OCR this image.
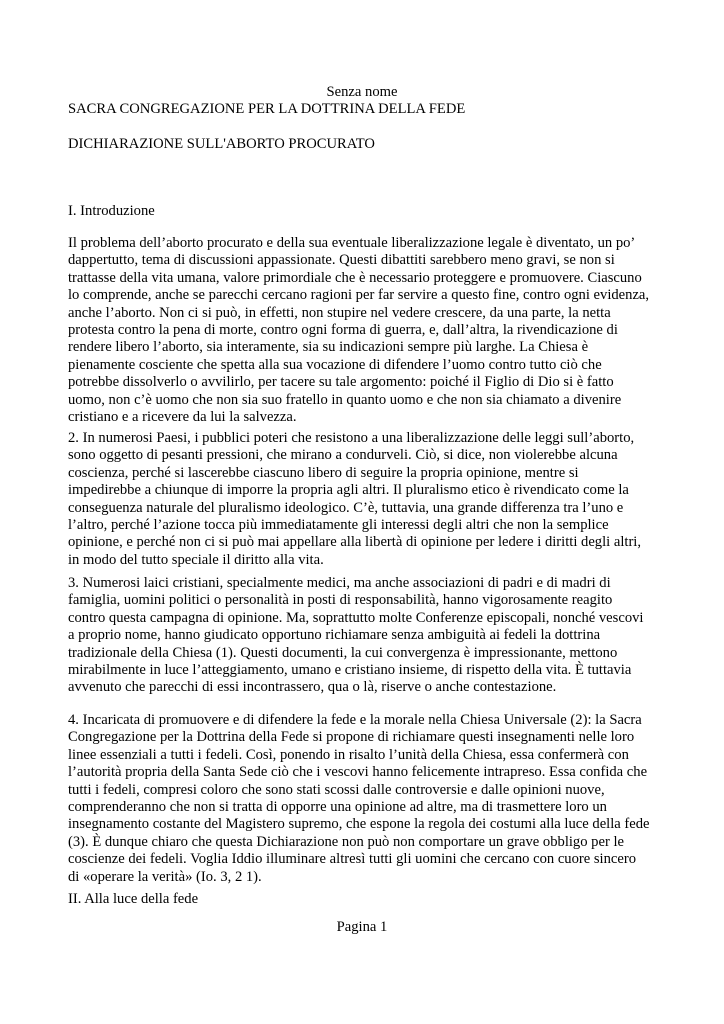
Senza nome

SACRA CONGREGAZIONE PER LA DOTTRINA DELLA FEDE

DICHIARAZIONE SULL'ABORTO PROCURATO

I. Introduzione

Il problema dell’aborto procurato e della sua eventuale liberalizzazione legale è diventato, un po’
dappertutto, tema di discussioni appassionate. Questi dibattiti sarebbero meno gravi, se non si
trattasse della vita umana, valore primordiale che è necessario proteggere e promuovere. Ciascuno
lo comprende, anche se parecchi cercano ragioni per far servire a questo fine, contro ogni evidenza,
anche l’aborto. Non ci si può, in effetti, non stupire nel vedere crescere, da una parte, la netta
protesta contro la pena di morte, contro ogni forma di guerra, e, dall’altra, la rivendicazione di
rendere libero l’aborto, sia interamente, sia su indicazioni sempre più larghe. La Chiesa è
pienamente cosciente che spetta alla sua vocazione di difendere l’uomo contro tutto ciò che
potrebbe dissolverlo o avvilirlo, per tacere su tale argomento: poiché il Figlio di Dio si è fatto
uomo, non c’è uomo che non sia suo fratello in quanto uomo e che non sia chiamato a divenire
cristiano e a ricevere da lui la salvezza.

2. In numerosi Paesi, i pubblici poteri che resistono a una liberalizzazione delle leggi sull’aborto,
sono oggetto di pesanti pressioni, che mirano a condurveli. Ciò, si dice, non violerebbe alcuna
coscienza, perché si lascerebbe ciascuno libero di seguire la propria opinione, mentre si
impedirebbe a chiunque di imporre la propria agli altri. Il pluralismo etico è rivendicato come la
conseguenza naturale del pluralismo ideologico. C’è, tuttavia, una grande differenza tra l’uno e
l’altro, perché l’azione tocca più immediatamente gli interessi degli altri che non la semplice
opinione, e perché non ci si può mai appellare alla libertà di opinione per ledere i diritti degli altri,
in modo del tutto speciale il diritto alla vita.

3. Numerosi laici cristiani, specialmente medici, ma anche associazioni di padri e di madri di
famiglia, uomini politici o personalità in posti di responsabilità, hanno vigorosamente reagito
contro questa campagna di opinione. Ma, soprattutto molte Conferenze episcopali, nonché vescovi
a proprio nome, hanno giudicato opportuno richiamare senza ambiguità ai fedeli la dottrina
tradizionale della Chiesa (1). Questi documenti, la cui convergenza è impressionante, mettono
mirabilmente in luce l’atteggiamento, umano e cristiano insieme, di rispetto della vita. È tuttavia
avvenuto che parecchi di essi incontrassero, qua o là, riserve o anche contestazione.

4. Incaricata di promuovere e di difendere la fede e la morale nella Chiesa Universale (2): la Sacra
Congregazione per la Dottrina della Fede si propone di richiamare questi insegnamenti nelle loro
linee essenziali a tutti i fedeli. Così, ponendo in risalto l’unità della Chiesa, essa confermerà con
l’autorità propria della Santa Sede ciò che i vescovi hanno felicemente intrapreso. Essa confida che
tutti i fedeli, compresi coloro che sono stati scossi dalle controversie e dalle opinioni nuove,
comprenderanno che non si tratta di opporre una opinione ad altre, ma di trasmettere loro un
insegnamento costante del Magistero supremo, che espone la regola dei costumi alla luce della fede
(3). È dunque chiaro che questa Dichiarazione non può non comportare un grave obbligo per le
coscienze dei fedeli. Voglia Iddio illuminare altresì tutti gli uomini che cercano con cuore sincero
di «operare la verità» (Io. 3, 2 1).

II. Alla luce della fede

Pagina 1
